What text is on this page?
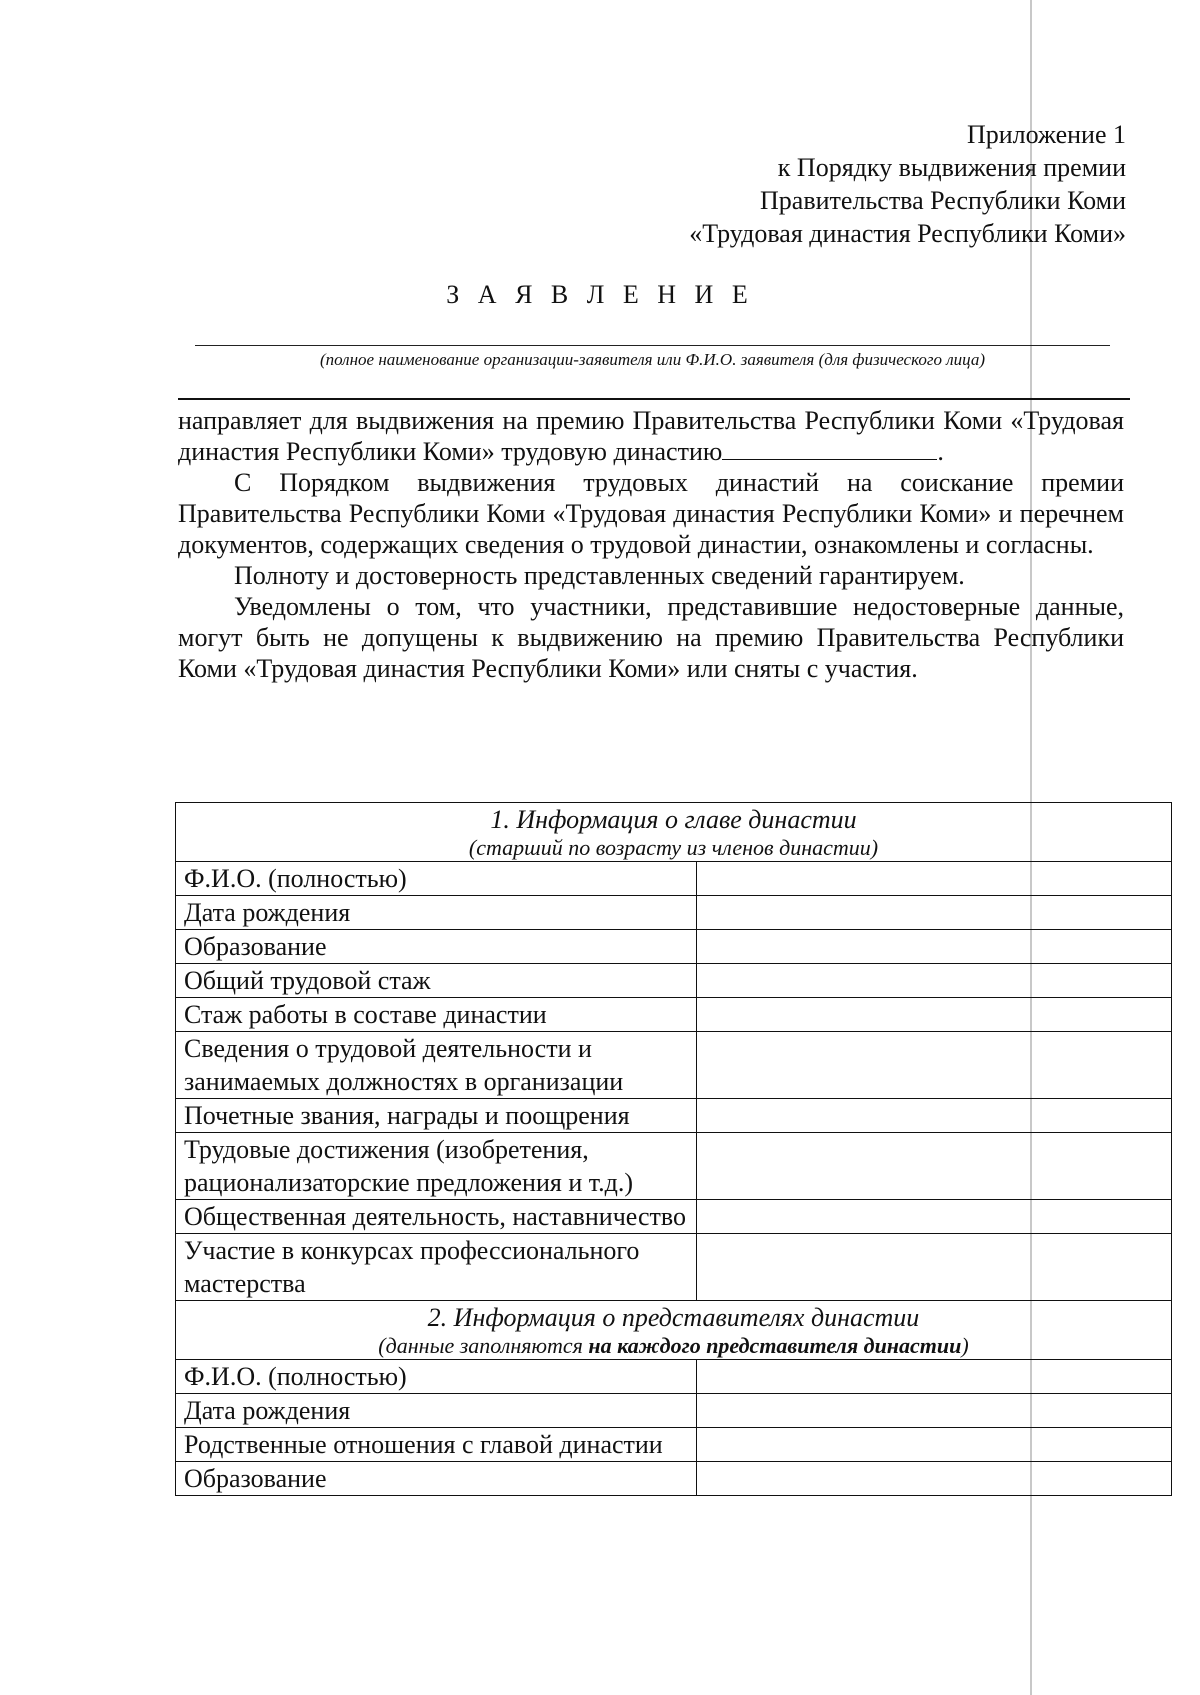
Приложение 1
к Порядку выдвижения премии
Правительства Республики Коми
«Трудовая династия Республики Коми»
З А Я В Л Е Н И Е
(полное наименование организации-заявителя или Ф.И.О. заявителя (для физического лица)

направляет для выдвижения на премию Правительства Республики Коми «Трудовая династия Республики Коми» трудовую династию	.

С Порядком выдвижения трудовых династий на соискание премии Правительства Республики Коми «Трудовая династия Республики Коми» и перечнем документов, содержащих сведения о трудовой династии, ознакомлены и согласны.

Полноту и достоверность представленных сведений гарантируем.

Уведомлены о том, что участники, представившие недостоверные данные, могут быть не допущены к выдвижению на премию Правительства Республики Коми «Трудовая династия Республики Коми» или сняты с участия.

1. Информация о главе династии
(старший по возрасту из членов династии)	

Ф.И.О. (полностью)	
Дата рождения	
Образование	
Общий трудовой стаж	
Стаж работы в составе династии	
Сведения о трудовой деятельности и занимаемых должностях в организации	
Почетные звания, награды и поощрения	
Трудовые достижения (изобретения, рационализаторские предложения и т.д.)	
Общественная деятельность, наставничество	
Участие в конкурсах профессионального мастерства	
2. Информация о представителях династии
(данные заполняются на каждого представителя династии)	

Ф.И.О. (полностью)	
Дата рождения	
Родственные отношения с главой династии	
Образование	
